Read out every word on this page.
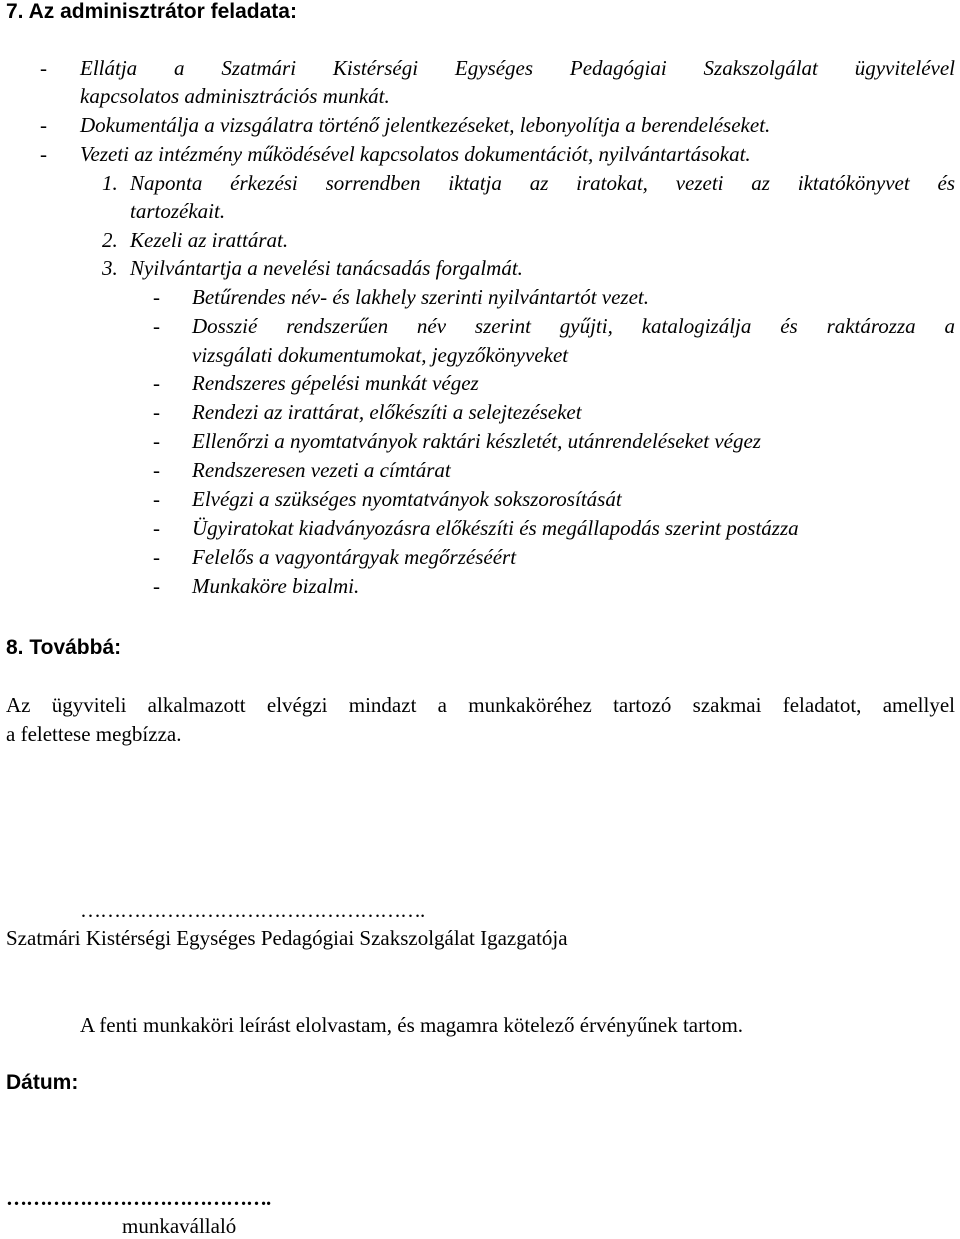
7. Az adminisztrátor feladata:
- Ellátja a Szatmári Kistérségi Egységes Pedagógiai Szakszolgálat ügyvitelével
kapcsolatos adminisztrációs munkát.
- Dokumentálja a vizsgálatra történő jelentkezéseket, lebonyolítja a berendeléseket.
- Vezeti az intézmény működésével kapcsolatos dokumentációt, nyilvántartásokat.
1. Naponta érkezési sorrendben iktatja az iratokat, vezeti az iktatókönyvet és
tartozékait.
2. Kezeli az irattárat.
3. Nyilvántartja a nevelési tanácsadás forgalmát.
- Betűrendes név- és lakhely szerinti nyilvántartót vezet.
- Dosszié rendszerűen név szerint gyűjti, katalogizálja és raktározza a
vizsgálati dokumentumokat, jegyzőkönyveket
- Rendszeres gépelési munkát végez
- Rendezi az irattárat, előkészíti a selejtezéseket
- Ellenőrzi a nyomtatványok raktári készletét, utánrendeléseket végez
- Rendszeresen vezeti a címtárat
- Elvégzi a szükséges nyomtatványok sokszorosítását
- Ügyiratokat kiadványozásra előkészíti és megállapodás szerint postázza
- Felelős a vagyontárgyak megőrzéséért
- Munkaköre bizalmi.
8. Továbbá:
Az ügyviteli alkalmazott elvégzi mindazt a munkaköréhez tartozó szakmai feladatot, amellyel
a felettese megbízza.
…………………………………………….
Szatmári Kistérségi Egységes Pedagógiai Szakszolgálat Igazgatója
A fenti munkaköri leírást elolvastam, és magamra kötelező érvényűnek tartom.
Dátum:
………………………………….
munkavállaló
